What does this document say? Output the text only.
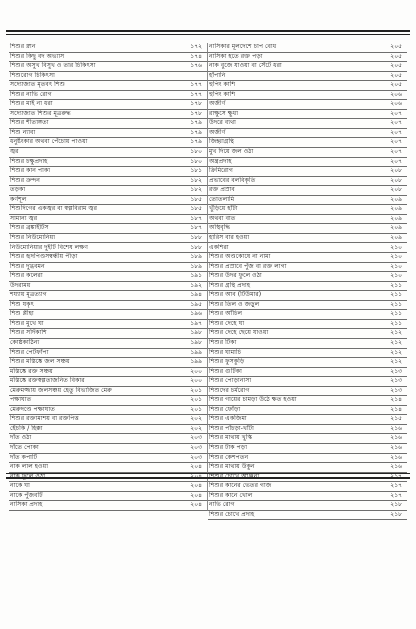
শিশুর স্নান	১৭২
শিশুর কিছু বদ অভ্যাস	১৭৪
শিশুর অসুখ বিসুখ ও তার চিকিৎসা	১৭৬
শিশুরোগ চিকিৎসা
সদ্যোজাত মৃতবৎ শিশু	১৭৭
শিশুর নাভি রোগ	১৭৭
শিশুর মাই না ধরা	১৭৮
সদ্যোজাত শিশুর মূত্ররুদ্ধ	১৭৮
শিশুর শীতাঙ্গতা	১৭৯
শিশু ন্যাবা	১৭৯
ধনুষ্টংকার অথবা পেঁচোয় পাওয়া	১৭৯
জ্বর	১৮০
শিশুর চক্ষুপ্রদাহ	১৮০
শিশুর কান পাকা	১৮১
শিশুর ক্রন্দন	১৮২
তড়কা	১৮২
কর্ণশূল	১৮৫
শিশুদিগের একজ্বর বা স্বল্পবিরাম জ্বর	১৮৫
সামান্য জ্বর	১৮৭
শিশুর ব্রঙ্কাইটিস	১৮৭
শিশুর নিউমোনিয়া	১৮৮
নিউমোনিয়ার দুইটি বিশেষ লক্ষণ	১৮৮
শিশুর হৃদপিণ্ডসম্বন্ধীয় পীড়া	১৮৯
শিশুর দুগ্ধবমন	১৮৯
শিশুর কলেরা	১৯১
উদরাময়	১৯২
শয্যায় মূত্রত্যাগ	১৯৪
শিশু যকৃৎ	১৯৫
শিশু প্লীহা	১৯৬
শিশুর মুখে ঘা	১৯৭
শিশুর সর্দিকাশি	১৯৮
কোষ্ঠকাঠিন্য	১৯৮
শিশুর পেটফাঁপা	১৯৯
শিশুর মস্তিষ্কে জল সঞ্চয়	১৯৯
মস্তিষ্কে রক্ত সঞ্চয়	২০০
মস্তিষ্কে রক্তস্বল্পতাজনিত বিকার	২০০
মেরুমজ্জায় জলসঞ্চয় হেতু বিভাজিত মেরু	২০১
পক্ষাঘাত	২০১
মেরুদণ্ডে পক্ষাঘাত	২০১
শিশুর রক্তামাশয় বা রক্তপিত্ত	২০২
হেঁচকি / হিক্কা	২০২
দাঁত ওঠা	২০৩
দাঁতে পোকা	২০৩
দাঁত কপাটি	২০৩
নাক লাল হওয়া	২০৪
নাকে ঘা	২০৪
নাকে পুঁজবটি	২০৪
নাসিকা প্রদাহ	২০৪
নাসিকার মূলদেশে চাপ বোধ	২০৫
নাসিকা হতে রক্ত পড়া	২০৫
নাক বুজে যাওয়া বা সেঁটে ধরা	২০৫
হাঁপানি	২০৫
হুপিং কাশি	২০৫
হুপিং কাশি	২০৬
অজীর্ণ	২০৬
রাক্ষুসে ক্ষুধা	২০৭
উদরে ব্যথা	২০৭
অজীর্ণ	২০৭
জিহ্বাগ্রন্থি	২০৭
মুখ দিয়ে জল ওঠা	২০৭
অন্ত্রপ্রদাহ	২০৭
ক্রিমিরোগ	২০৮
প্রভাবের বলবিকৃতি	২০৮
রক্ত প্রস্রাব	২০৮
তোতলামি	২০৯
খুঁড়িয়ে হাঁটা	২০৯
অথবা বাত	২০৯
অস্থিবৃদ্ধি	২০৯
হারিস বার হওয়া	২০৯
একশিরা	২১০
শিশুর অণ্ডকোষে না নামা	২১০
শিশুর প্রস্রাবে পুঁজ বা রক্ত লাগা	২১০
শিশুর উদর ফুলে ওঠা	২১০
শিশুর গ্রন্থি প্রদাহ	২১১
শিশুর আব (টিউমার)	২১১
শিশুর তিল ও জড়ুল	২১১
শিশুর আঁচিল	২১১
শিশুর দেহে ঘা	২১১
শিশুর দেহে ছেয়ে যাওয়া	২১২
শিশুর টিকা	২১২
শিশুর ঘামাচি	২১২
শিশুর ফুসকুড়ি	২১২
শিশুর গুটিকা	২১৩
শিশুর পোড়ানাসা	২১৩
শিশুদের চর্মরোগ	২১৩
শিশুর গায়ের চামড়া উঠে ক্ষত হওয়া	২১৪
শিশুর ফোঁড়া	২১৪
শিশুর একজিমা	২১৫
শিশুর পাঁচড়া-খাঁটা	২১৬
শিশুর মাথায় খুস্কি	২১৬
শিশুর টাক পড়া	২১৬
শিশুর কেশপতন	২১৬
শিশুর মাথায় উকুন	২১৬
শিশুর কানের ভেতর গাজ	২১৭
শিশুর কানে খোল	২১৭
নাভি রোগ	২১৮
শিশুর চোখে প্রদাহ	২১৮
